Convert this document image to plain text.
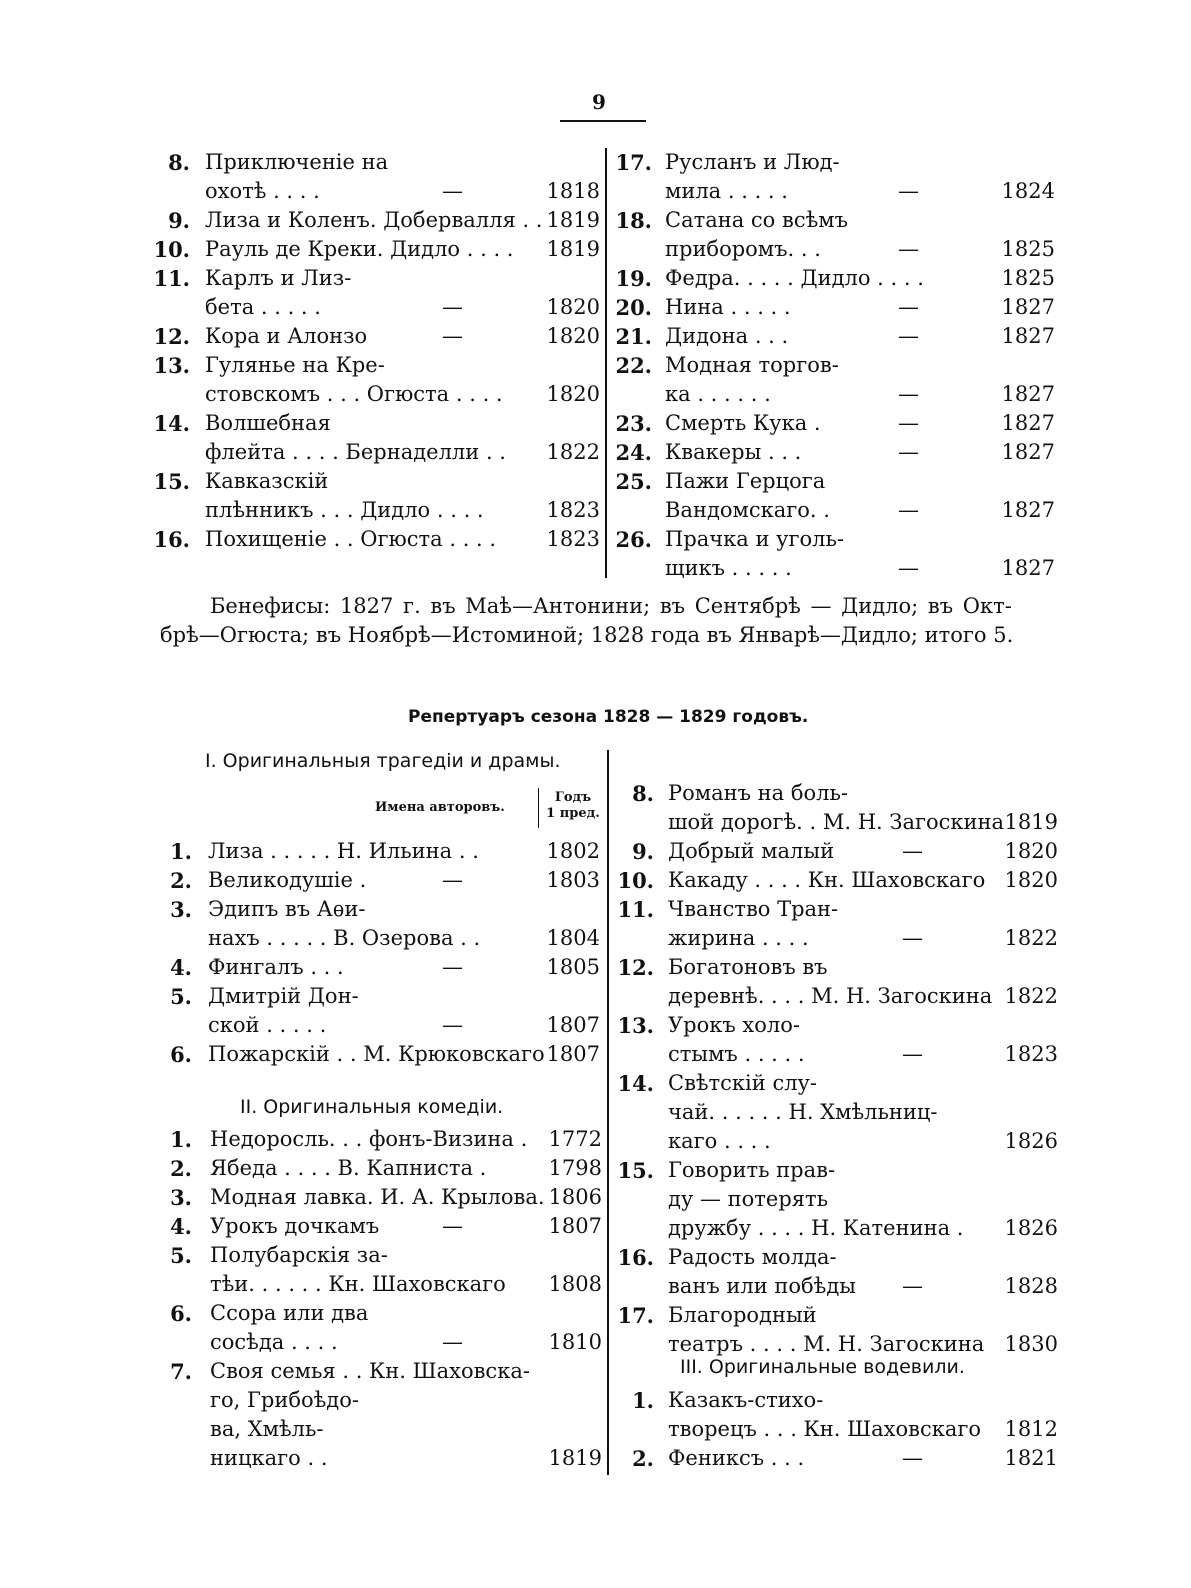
9
8. Приключеніе на
охотѣ . . . .	—	1818
9. Лиза и Коленъ. Добервалля . . 1819
10. Рауль де Креки. Дидло . . . .	1819
11. Карлъ и Лиз-
бета . . . . .	—	1820
12. Кора и Алонзо	—	1820
13. Гулянье на Кре-
стовскомъ . . . Огюста . . . .	1820
14. Волшебная
флейта . . . . Бернаделли . .	1822
15. Кавказскій
плѣнникъ . . . Дидло . . . .	1823
16. Похищеніе . . Огюста . . . .	1823
17. Русланъ и Люд-
мила . . . . .	—	1824
18. Сатана со всѣмъ
приборомъ. . .	—	1825
19. Федра. . . . . Дидло . . . .	1825
20. Нина . . . . .	—	1827
21. Дидона . . .	—	1827
22. Модная торгов-
ка . . . . . .	—	1827
23. Смерть Кука .	—	1827
24. Квакеры . . .	—	1827
25. Пажи Герцога
Вандомскаго. .	—	1827
26. Прачка и уголь-
щикъ . . . . .	—	1827
Бенефисы: 1827 г. въ Маѣ—Антонини; въ Сентябрѣ — Дидло; въ Окт-
брѣ—Огюста; въ Ноябрѣ—Истоминой; 1828 года въ Январѣ—Дидло; итого 5.
Репертуаръ сезона 1828 — 1829 годовъ.
I. Оригинальныя трагедіи и драмы.
Имена авторовъ.
Годъ
1 пред.
1. Лиза . . . . . Н. Ильина . .	1802
2. Великодушіе .	—	1803
3. Эдипъ въ Аѳи-
нахъ . . . . . В. Озерова . .	1804
4. Фингалъ . . .	—	1805
5. Дмитрій Дон-
ской . . . . .	—	1807
6. Пожарскій . . М. Крюковскаго 1807
II. Оригинальныя комедіи.
1. Недоросль. . . фонъ-Визина .	1772
2. Ябеда . . . . В. Капниста .	1798
3. Модная лавка. И. А. Крылова. 1806
4. Урокъ дочкамъ	—	1807
5. Полубарскія за-
тѣи. . . . . . Кн. Шаховскаго	1808
6. Ссора или два
сосѣда . . . .	—	1810
7. Своя семья . . Кн. Шаховска-
го, Грибоѣдо-
ва, Хмѣль-
ницкаго . .	1819
8. Романъ на боль-
шой дорогѣ. . М. Н. Загоскина 1819
9. Добрый малый	—	1820
10. Какаду . . . . Кн. Шаховскаго 1820
11. Чванство Тран-
жирина . . . .	—	1822
12. Богатоновъ въ
деревнѣ. . . . М. Н. Загоскина 1822
13. Урокъ холо-
стымъ . . . . .	—	1823
14. Свѣтскій слу-
чай. . . . . . Н. Хмѣльниц-
каго . . . .	1826
15. Говорить прав-
ду — потерять
дружбу . . . . Н. Катенина .	1826
16. Радость молда-
ванъ или побѣды —	1828
17. Благородный
театръ . . . . М. Н. Загоскина 1830
III. Оригинальные водевили.
1. Казакъ-стихо-
творецъ . . . Кн. Шаховскаго	1812
2. Фениксъ . . .	—	1821
